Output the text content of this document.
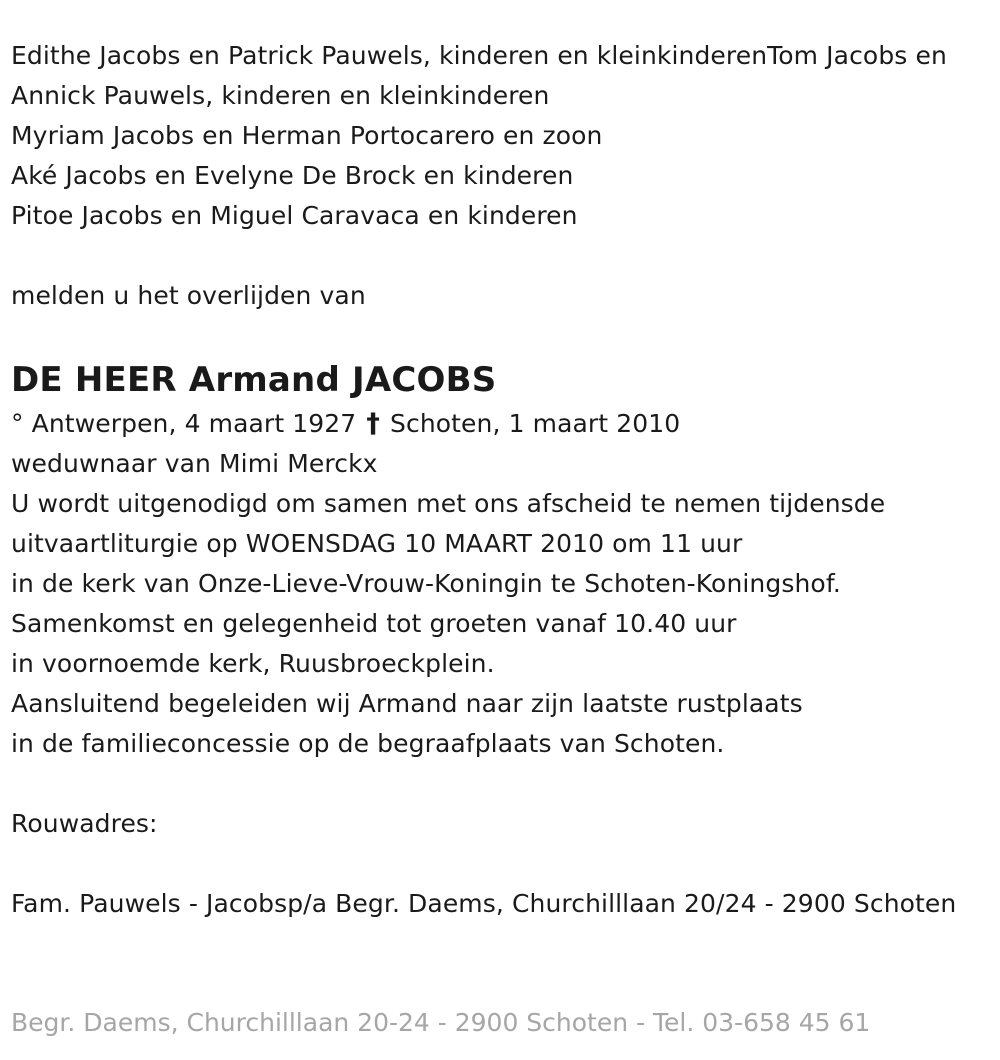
Edithe Jacobs en Patrick Pauwels, kinderen en kleinkinderenTom Jacobs en Annick Pauwels, kinderen en kleinkinderen
Myriam Jacobs en Herman Portocarero en zoon
Aké Jacobs en Evelyne De Brock en kinderen
Pitoe Jacobs en Miguel Caravaca en kinderen
melden u het overlijden van
DE HEER Armand JACOBS
° Antwerpen, 4 maart 1927 † Schoten, 1 maart 2010
weduwnaar van Mimi Merckx
U wordt uitgenodigd om samen met ons afscheid te nemen tijdensde
uitvaartliturgie op WOENSDAG 10 MAART 2010 om 11 uur
in de kerk van Onze-Lieve-Vrouw-Koningin te Schoten-Koningshof.
Samenkomst en gelegenheid tot groeten vanaf 10.40 uur
in voornoemde kerk, Ruusbroeckplein.
Aansluitend begeleiden wij Armand naar zijn laatste rustplaats
in de familieconcessie op de begraafplaats van Schoten.
Rouwadres:
Fam. Pauwels - Jacobsp/a Begr. Daems, Churchilllaan 20/24 - 2900 Schoten
Begr. Daems, Churchilllaan 20-24 - 2900 Schoten - Tel. 03-658 45 61
